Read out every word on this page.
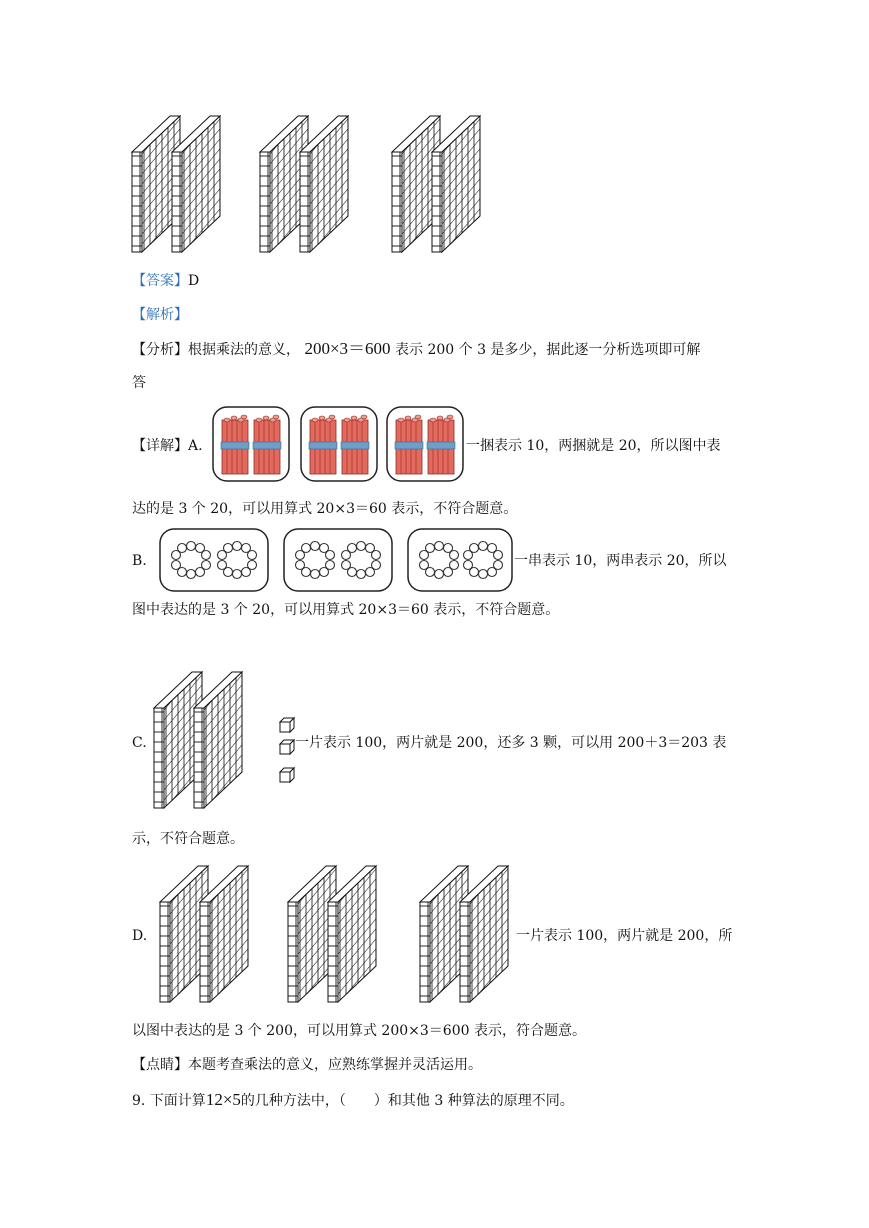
【答案】D
【解析】
【分析】根据乘法的意义， 200×3＝600 表示 200 个 3 是多少，据此逐一分析选项即可解
答
【详解】A.	一捆表示 10，两捆就是 20，所以图中表
达的是 3 个 20，可以用算式 20×3＝60 表示，不符合题意。
B.	一串表示 10，两串表示 20，所以
图中表达的是 3 个 20，可以用算式 20×3＝60 表示，不符合题意。
C.	一片表示 100，两片就是 200，还多 3 颗，可以用 200＋3＝203 表
示，不符合题意。
D.	一片表示 100，两片就是 200，所
以图中表达的是 3 个 200，可以用算式 200×3＝600 表示，符合题意。
【点睛】本题考查乘法的意义，应熟练掌握并灵活运用。
9. 下面计算12×5的几种方法中，（　　）和其他 3 种算法的原理不同。
